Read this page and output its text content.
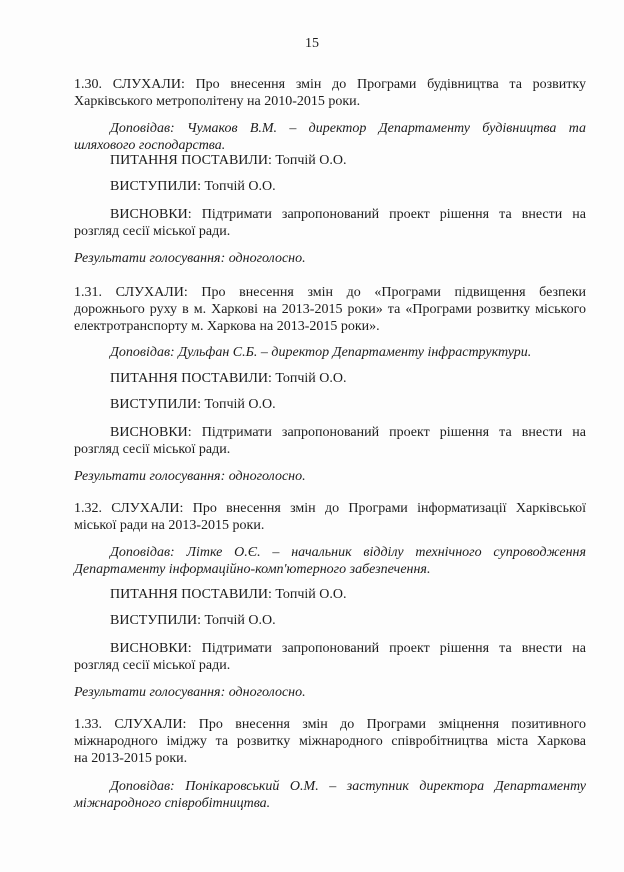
15
1.30. СЛУХАЛИ: Про внесення змін до Програми будівництва та розвитку
Харківського метрополітену на 2010-2015 роки.
Доповідав: Чумаков В.М. – директор Департаменту будівництва та
шляхового господарства.
ПИТАННЯ ПОСТАВИЛИ: Топчій О.О.
ВИСТУПИЛИ: Топчій О.О.
ВИСНОВКИ: Підтримати запропонований проект рішення та внести на
розгляд сесії міської ради.
Результати голосування: одноголосно.
1.31. СЛУХАЛИ: Про внесення змін до «Програми підвищення безпеки
дорожнього руху в м. Харкові на 2013-2015 роки» та «Програми розвитку міського
електротранспорту м. Харкова на 2013-2015 роки».
Доповідав: Дульфан С.Б. – директор Департаменту інфраструктури.
ПИТАННЯ ПОСТАВИЛИ: Топчій О.О.
ВИСТУПИЛИ: Топчій О.О.
ВИСНОВКИ: Підтримати запропонований проект рішення та внести на
розгляд сесії міської ради.
Результати голосування: одноголосно.
1.32. СЛУХАЛИ: Про внесення змін до Програми інформатизації Харківської
міської ради на 2013-2015 роки.
Доповідав: Літке О.Є. – начальник відділу технічного супроводження
Департаменту інформаційно-комп'ютерного забезпечення.
ПИТАННЯ ПОСТАВИЛИ: Топчій О.О.
ВИСТУПИЛИ: Топчій О.О.
ВИСНОВКИ: Підтримати запропонований проект рішення та внести на
розгляд сесії міської ради.
Результати голосування: одноголосно.
1.33. СЛУХАЛИ: Про внесення змін до Програми зміцнення позитивного
міжнародного іміджу та розвитку міжнародного співробітництва міста Харкова
на 2013-2015 роки.
Доповідав: Понікаровський О.М. – заступник директора Департаменту
міжнародного співробітництва.
